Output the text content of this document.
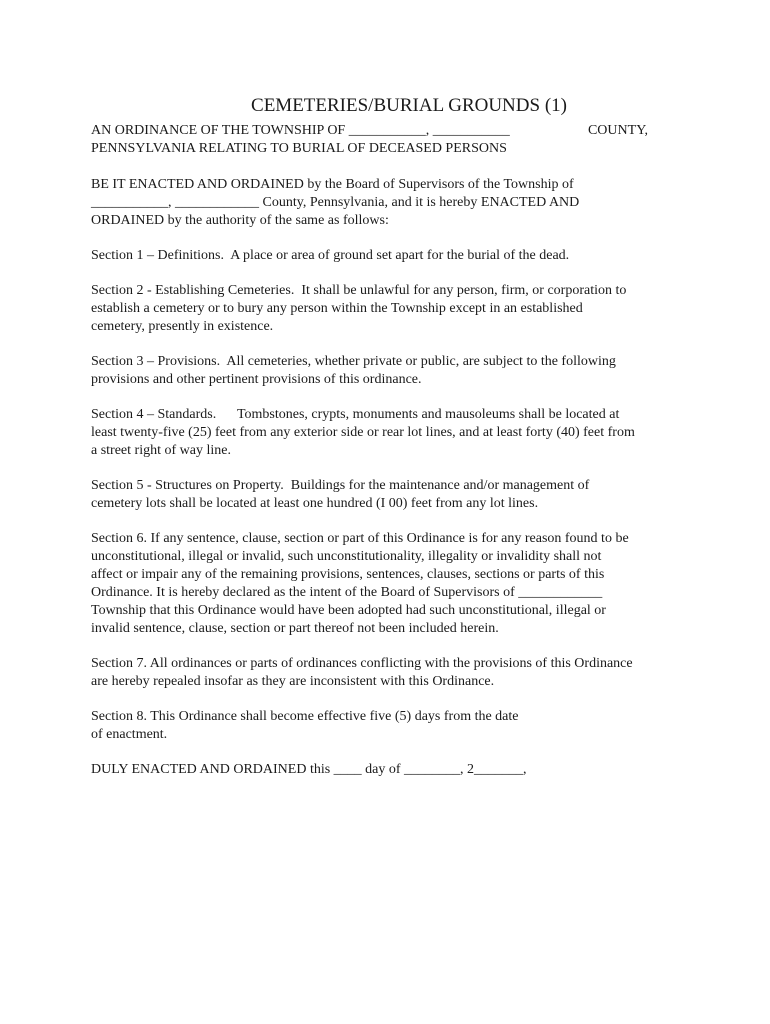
CEMETERIES/BURIAL GROUNDS (1)
AN ORDINANCE OF THE TOWNSHIP OF ___________, ___________	COUNTY,
PENNSYLVANIA RELATING TO BURIAL OF DECEASED PERSONS
BE IT ENACTED AND ORDAINED by the Board of Supervisors of the Township of
___________, ____________ County, Pennsylvania, and it is hereby ENACTED AND
ORDAINED by the authority of the same as follows:
Section 1 – Definitions.  A place or area of ground set apart for the burial of the dead.
Section 2 - Establishing Cemeteries.  It shall be unlawful for any person, firm, or corporation to
establish a cemetery or to bury any person within the Township except in an established
cemetery, presently in existence.
Section 3 – Provisions.  All cemeteries, whether private or public, are subject to the following
provisions and other pertinent provisions of this ordinance.
Section 4 – Standards.      Tombstones, crypts, monuments and mausoleums shall be located at
least twenty-five (25) feet from any exterior side or rear lot lines, and at least forty (40) feet from
a street right of way line.
Section 5 - Structures on Property.  Buildings for the maintenance and/or management of
cemetery lots shall be located at least one hundred (I 00) feet from any lot lines.
Section 6. If any sentence, clause, section or part of this Ordinance is for any reason found to be
unconstitutional, illegal or invalid, such unconstitutionality, illegality or invalidity shall not
affect or impair any of the remaining provisions, sentences, clauses, sections or parts of this
Ordinance. It is hereby declared as the intent of the Board of Supervisors of ____________
Township that this Ordinance would have been adopted had such unconstitutional, illegal or
invalid sentence, clause, section or part thereof not been included herein.
Section 7. All ordinances or parts of ordinances conflicting with the provisions of this Ordinance
are hereby repealed insofar as they are inconsistent with this Ordinance.
Section 8. This Ordinance shall become effective five (5) days from the date
of enactment.
DULY ENACTED AND ORDAINED this ____ day of ________, 2_______,
